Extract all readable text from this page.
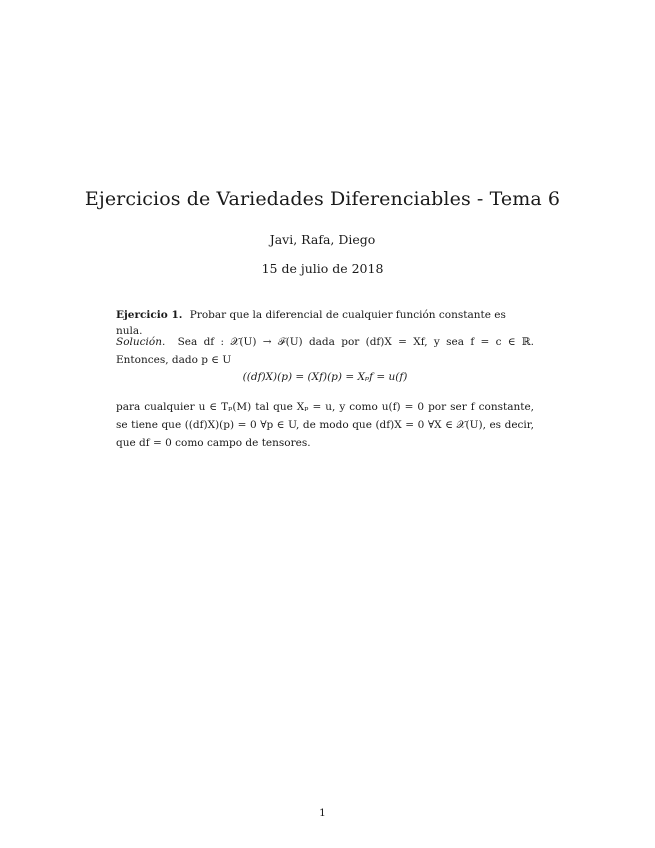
Ejercicios de Variedades Diferenciables - Tema 6
Javi, Rafa, Diego
15 de julio de 2018
Ejercicio 1. Probar que la diferencial de cualquier función constante es nula.
Solución. Sea df : 𝒳(U) → ℱ(U) dada por (df)X = Xf, y sea f = c ∈ ℝ. Entonces, dado p ∈ U
((df)X)(p) = (Xf)(p) = Xₚf = u(f)
para cualquier u ∈ Tₚ(M) tal que Xₚ = u, y como u(f) = 0 por ser f constante, se tiene que ((df)X)(p) = 0 ∀p ∈ U, de modo que (df)X = 0 ∀X ∈ 𝒳(U), es decir, que df = 0 como campo de tensores.
1
